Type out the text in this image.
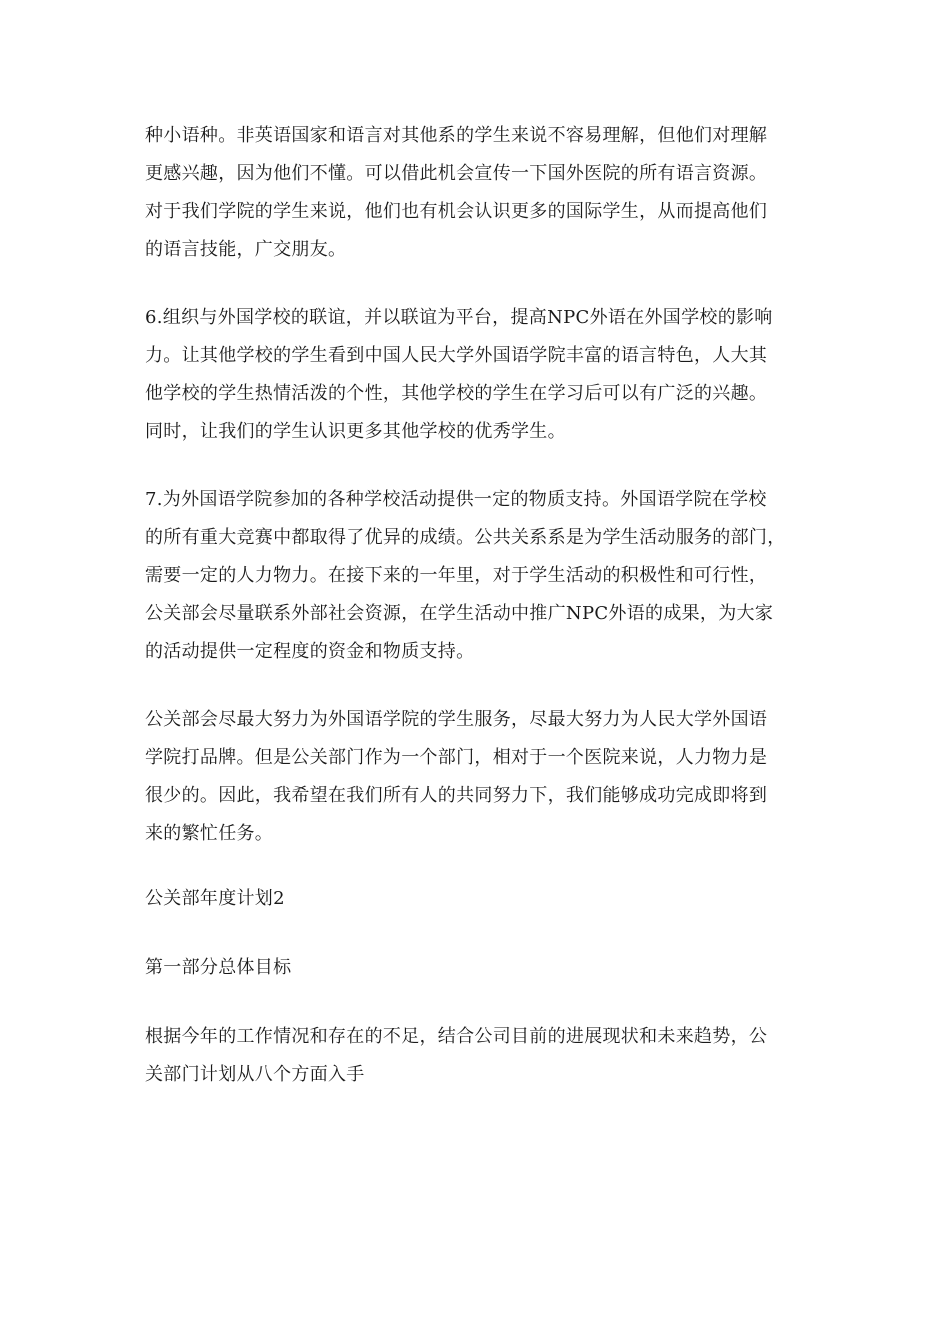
种小语种。非英语国家和语言对其他系的学生来说不容易理解，但他们对理解
更感兴趣，因为他们不懂。可以借此机会宣传一下国外医院的所有语言资源。
对于我们学院的学生来说，他们也有机会认识更多的国际学生，从而提高他们
的语言技能，广交朋友。

6.组织与外国学校的联谊，并以联谊为平台，提高NPC外语在外国学校的影响
力。让其他学校的学生看到中国人民大学外国语学院丰富的语言特色，人大其
他学校的学生热情活泼的个性，其他学校的学生在学习后可以有广泛的兴趣。
同时，让我们的学生认识更多其他学校的优秀学生。

7.为外国语学院参加的各种学校活动提供一定的物质支持。外国语学院在学校
的所有重大竞赛中都取得了优异的成绩。公共关系系是为学生活动服务的部门，
需要一定的人力物力。在接下来的一年里，对于学生活动的积极性和可行性，
公关部会尽量联系外部社会资源，在学生活动中推广NPC外语的成果，为大家
的活动提供一定程度的资金和物质支持。

公关部会尽最大努力为外国语学院的学生服务，尽最大努力为人民大学外国语
学院打品牌。但是公关部门作为一个部门，相对于一个医院来说，人力物力是
很少的。因此，我希望在我们所有人的共同努力下，我们能够成功完成即将到
来的繁忙任务。

公关部年度计划2

第一部分总体目标

根据今年的工作情况和存在的不足，结合公司目前的进展现状和未来趋势，公
关部门计划从八个方面入手
